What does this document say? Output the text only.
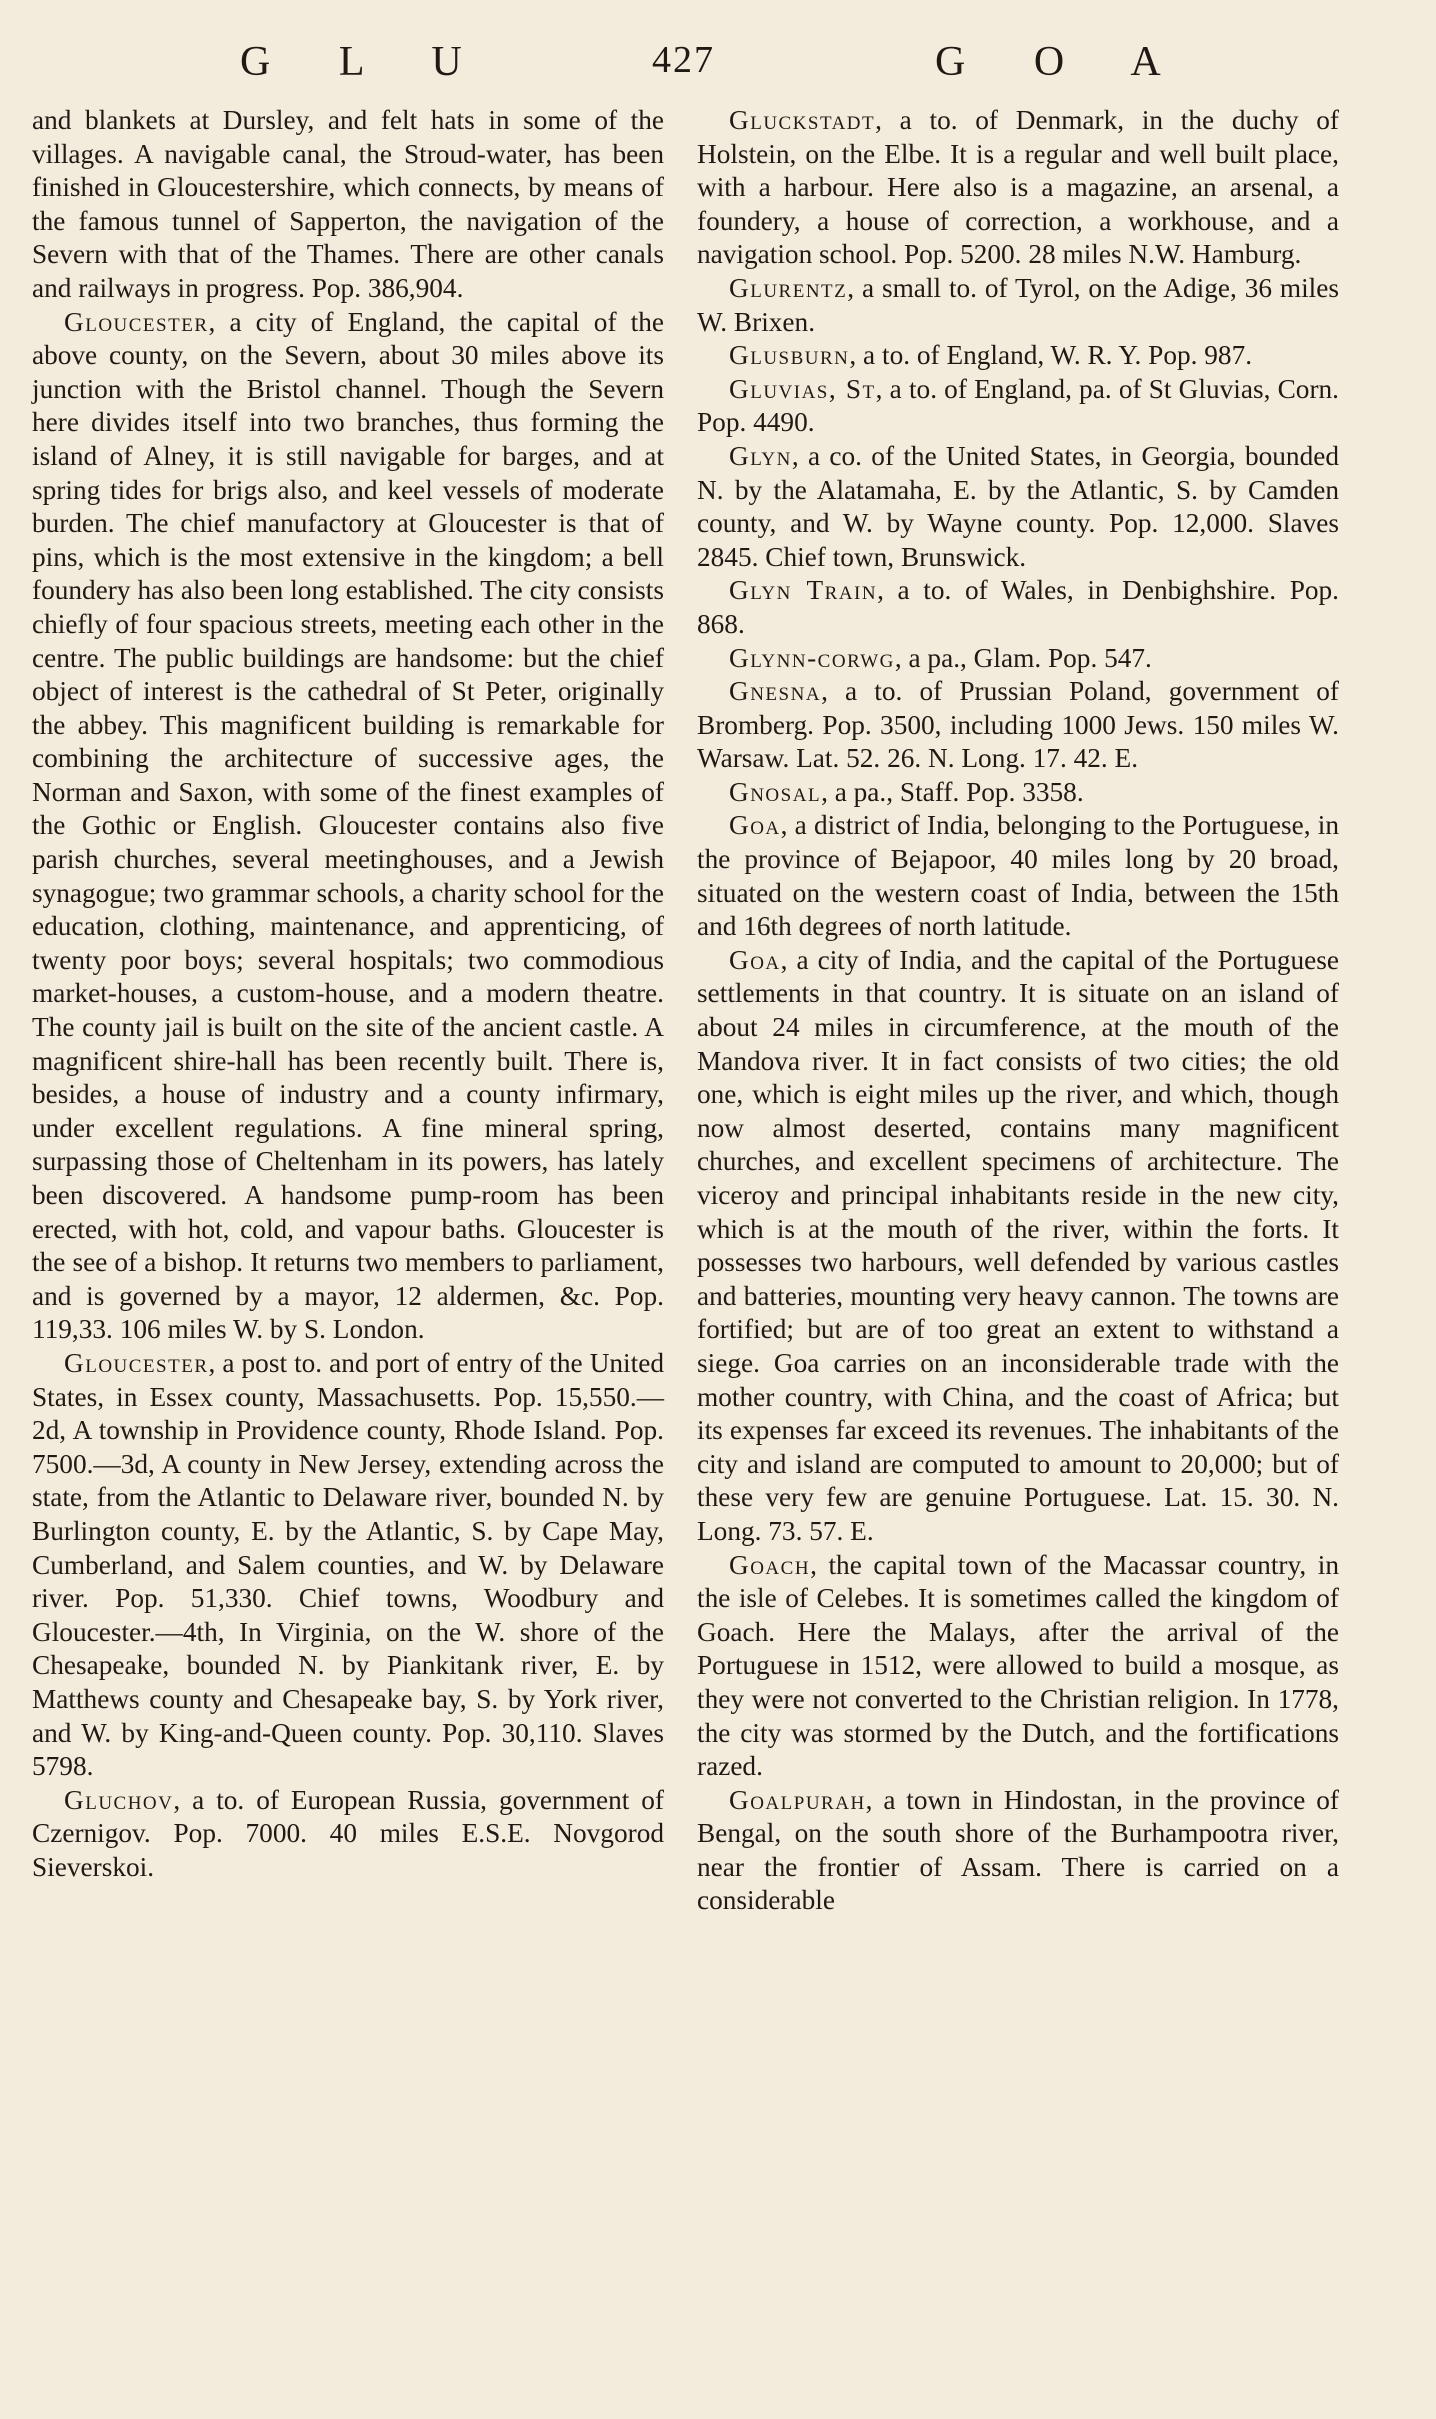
G L U	427	G O A

and blankets at Dursley, and felt hats in some of the villages. A navigable canal, the Stroud-water, has been finished in Gloucestershire, which connects, by means of the famous tunnel of Sapperton, the navigation of the Severn with that of the Thames. There are other canals and railways in progress. Pop. 386,904.

Gloucester, a city of England, the capital of the above county, on the Severn, about 30 miles above its junction with the Bristol channel. Though the Severn here divides itself into two branches, thus forming the island of Alney, it is still navigable for barges, and at spring tides for brigs also, and keel vessels of moderate burden. The chief manufactory at Gloucester is that of pins, which is the most extensive in the kingdom; a bell foundery has also been long established. The city consists chiefly of four spacious streets, meeting each other in the centre. The public buildings are handsome: but the chief object of interest is the cathedral of St Peter, originally the abbey. This magnificent building is remarkable for combining the architecture of successive ages, the Norman and Saxon, with some of the finest examples of the Gothic or English. Gloucester contains also five parish churches, several meetinghouses, and a Jewish synagogue; two grammar schools, a charity school for the education, clothing, maintenance, and apprenticing, of twenty poor boys; several hospitals; two commodious market-houses, a custom-house, and a modern theatre. The county jail is built on the site of the ancient castle. A magnificent shire-hall has been recently built. There is, besides, a house of industry and a county infirmary, under excellent regulations. A fine mineral spring, surpassing those of Cheltenham in its powers, has lately been discovered. A handsome pump-room has been erected, with hot, cold, and vapour baths. Gloucester is the see of a bishop. It returns two members to parliament, and is governed by a mayor, 12 aldermen, &c. Pop. 119,33. 106 miles W. by S. London.

Gloucester, a post to. and port of entry of the United States, in Essex county, Massachusetts. Pop. 15,550.—2d, A township in Providence county, Rhode Island. Pop. 7500.—3d, A county in New Jersey, extending across the state, from the Atlantic to Delaware river, bounded N. by Burlington county, E. by the Atlantic, S. by Cape May, Cumberland, and Salem counties, and W. by Delaware river. Pop. 51,330. Chief towns, Woodbury and Gloucester.—4th, In Virginia, on the W. shore of the Chesapeake, bounded N. by Piankitank river, E. by Matthews county and Chesapeake bay, S. by York river, and W. by King-and-Queen county. Pop. 30,110. Slaves 5798.

Gluchov, a to. of European Russia, government of Czernigov. Pop. 7000. 40 miles E.S.E. Novgorod Sieverskoi.

Gluckstadt, a to. of Denmark, in the duchy of Holstein, on the Elbe. It is a regular and well built place, with a harbour. Here also is a magazine, an arsenal, a foundery, a house of correction, a workhouse, and a navigation school. Pop. 5200. 28 miles N.W. Hamburg.

Glurentz, a small to. of Tyrol, on the Adige, 36 miles W. Brixen.

Glusburn, a to. of England, W. R. Y. Pop. 987.

Gluvias, St, a to. of England, pa. of St Gluvias, Corn. Pop. 4490.

Glyn, a co. of the United States, in Georgia, bounded N. by the Alatamaha, E. by the Atlantic, S. by Camden county, and W. by Wayne county. Pop. 12,000. Slaves 2845. Chief town, Brunswick.

Glyn Train, a to. of Wales, in Denbighshire. Pop. 868.

Glynn-corwg, a pa., Glam. Pop. 547.

Gnesna, a to. of Prussian Poland, government of Bromberg. Pop. 3500, including 1000 Jews. 150 miles W. Warsaw. Lat. 52. 26. N. Long. 17. 42. E.

Gnosal, a pa., Staff. Pop. 3358.

Goa, a district of India, belonging to the Portuguese, in the province of Bejapoor, 40 miles long by 20 broad, situated on the western coast of India, between the 15th and 16th degrees of north latitude.

Goa, a city of India, and the capital of the Portuguese settlements in that country. It is situate on an island of about 24 miles in circumference, at the mouth of the Mandova river. It in fact consists of two cities; the old one, which is eight miles up the river, and which, though now almost deserted, contains many magnificent churches, and excellent specimens of architecture. The viceroy and principal inhabitants reside in the new city, which is at the mouth of the river, within the forts. It possesses two harbours, well defended by various castles and batteries, mounting very heavy cannon. The towns are fortified; but are of too great an extent to withstand a siege. Goa carries on an inconsiderable trade with the mother country, with China, and the coast of Africa; but its expenses far exceed its revenues. The inhabitants of the city and island are computed to amount to 20,000; but of these very few are genuine Portuguese. Lat. 15. 30. N. Long. 73. 57. E.

Goach, the capital town of the Macassar country, in the isle of Celebes. It is sometimes called the kingdom of Goach. Here the Malays, after the arrival of the Portuguese in 1512, were allowed to build a mosque, as they were not converted to the Christian religion. In 1778, the city was stormed by the Dutch, and the fortifications razed.

Goalpurah, a town in Hindostan, in the province of Bengal, on the south shore of the Burhampootra river, near the frontier of Assam. There is carried on a considerable
